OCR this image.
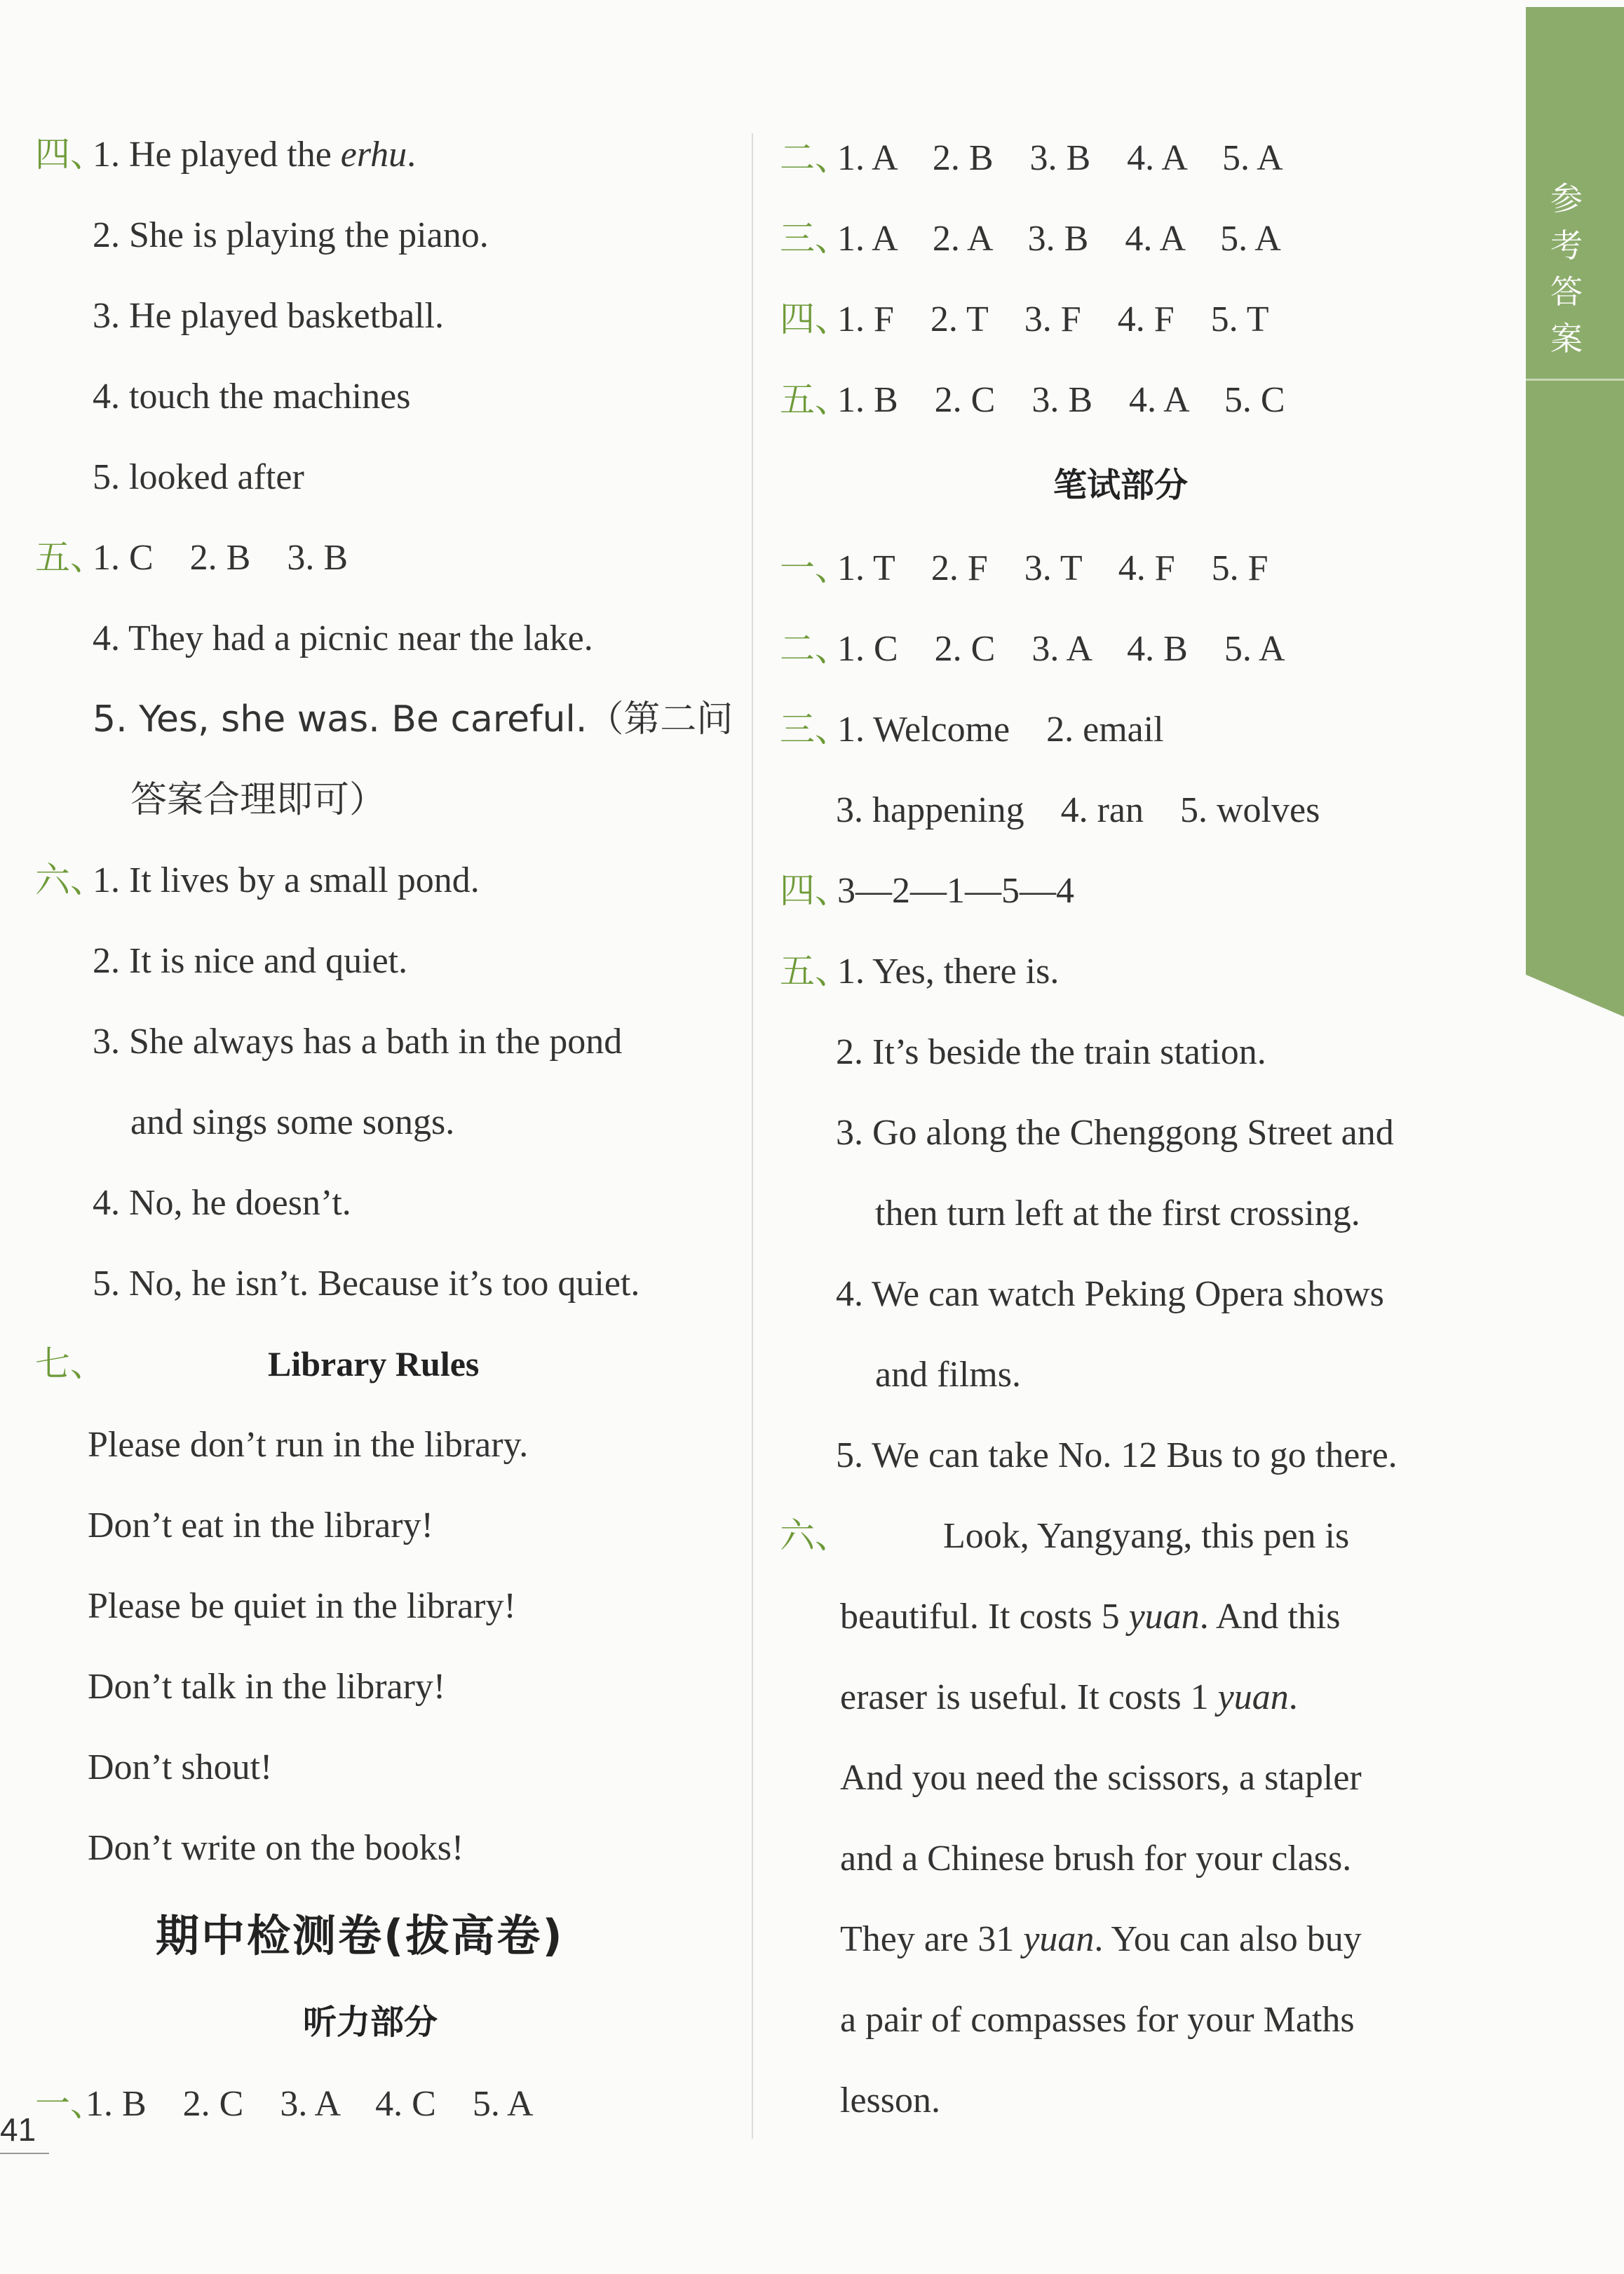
参考答案
四、
1. He played the erhu.
2. She is playing the piano.
3. He played basketball.
4. touch the machines
5. looked after
五、
1. C　2. B　3. B
4. They had a picnic near the lake.
5. Yes, she was. Be careful.（第二问
答案合理即可）
六、
1. It lives by a small pond.
2. It is nice and quiet.
3. She always has a bath in the pond
and sings some songs.
4. No, he doesn’t.
5. No, he isn’t. Because it’s too quiet.
七、	Library Rules
Please don’t run in the library.
Don’t eat in the library!
Please be quiet in the library!
Don’t talk in the library!
Don’t shout!
Don’t write on the books!
期中检测卷(拔高卷)
听力部分
一、
1. B　2. C　3. A　4. C　5. A
二、
1. A　2. B　3. B　4. A　5. A
三、
1. A　2. A　3. B　4. A　5. A
四、
1. F　2. T　3. F　4. F　5. T
五、
1. B　2. C　3. B　4. A　5. C
笔试部分
一、
1. T　2. F　3. T　4. F　5. F
二、
1. C　2. C　3. A　4. B　5. A
三、
1. Welcome　2. email
3. happening　4. ran　5. wolves
四、
3—2—1—5—4
五、
1. Yes, there is.
2. It’s beside the train station.
3. Go along the Chenggong Street and
then turn left at the first crossing.
4. We can watch Peking Opera shows
and films.
5. We can take No. 12 Bus to go there.
六、	Look, Yangyang, this pen is
beautiful. It costs 5 yuan. And this
eraser is useful. It costs 1 yuan.
And you need the scissors, a stapler
and a Chinese brush for your class.
They are 31 yuan. You can also buy
a pair of compasses for your Maths
lesson.
41
